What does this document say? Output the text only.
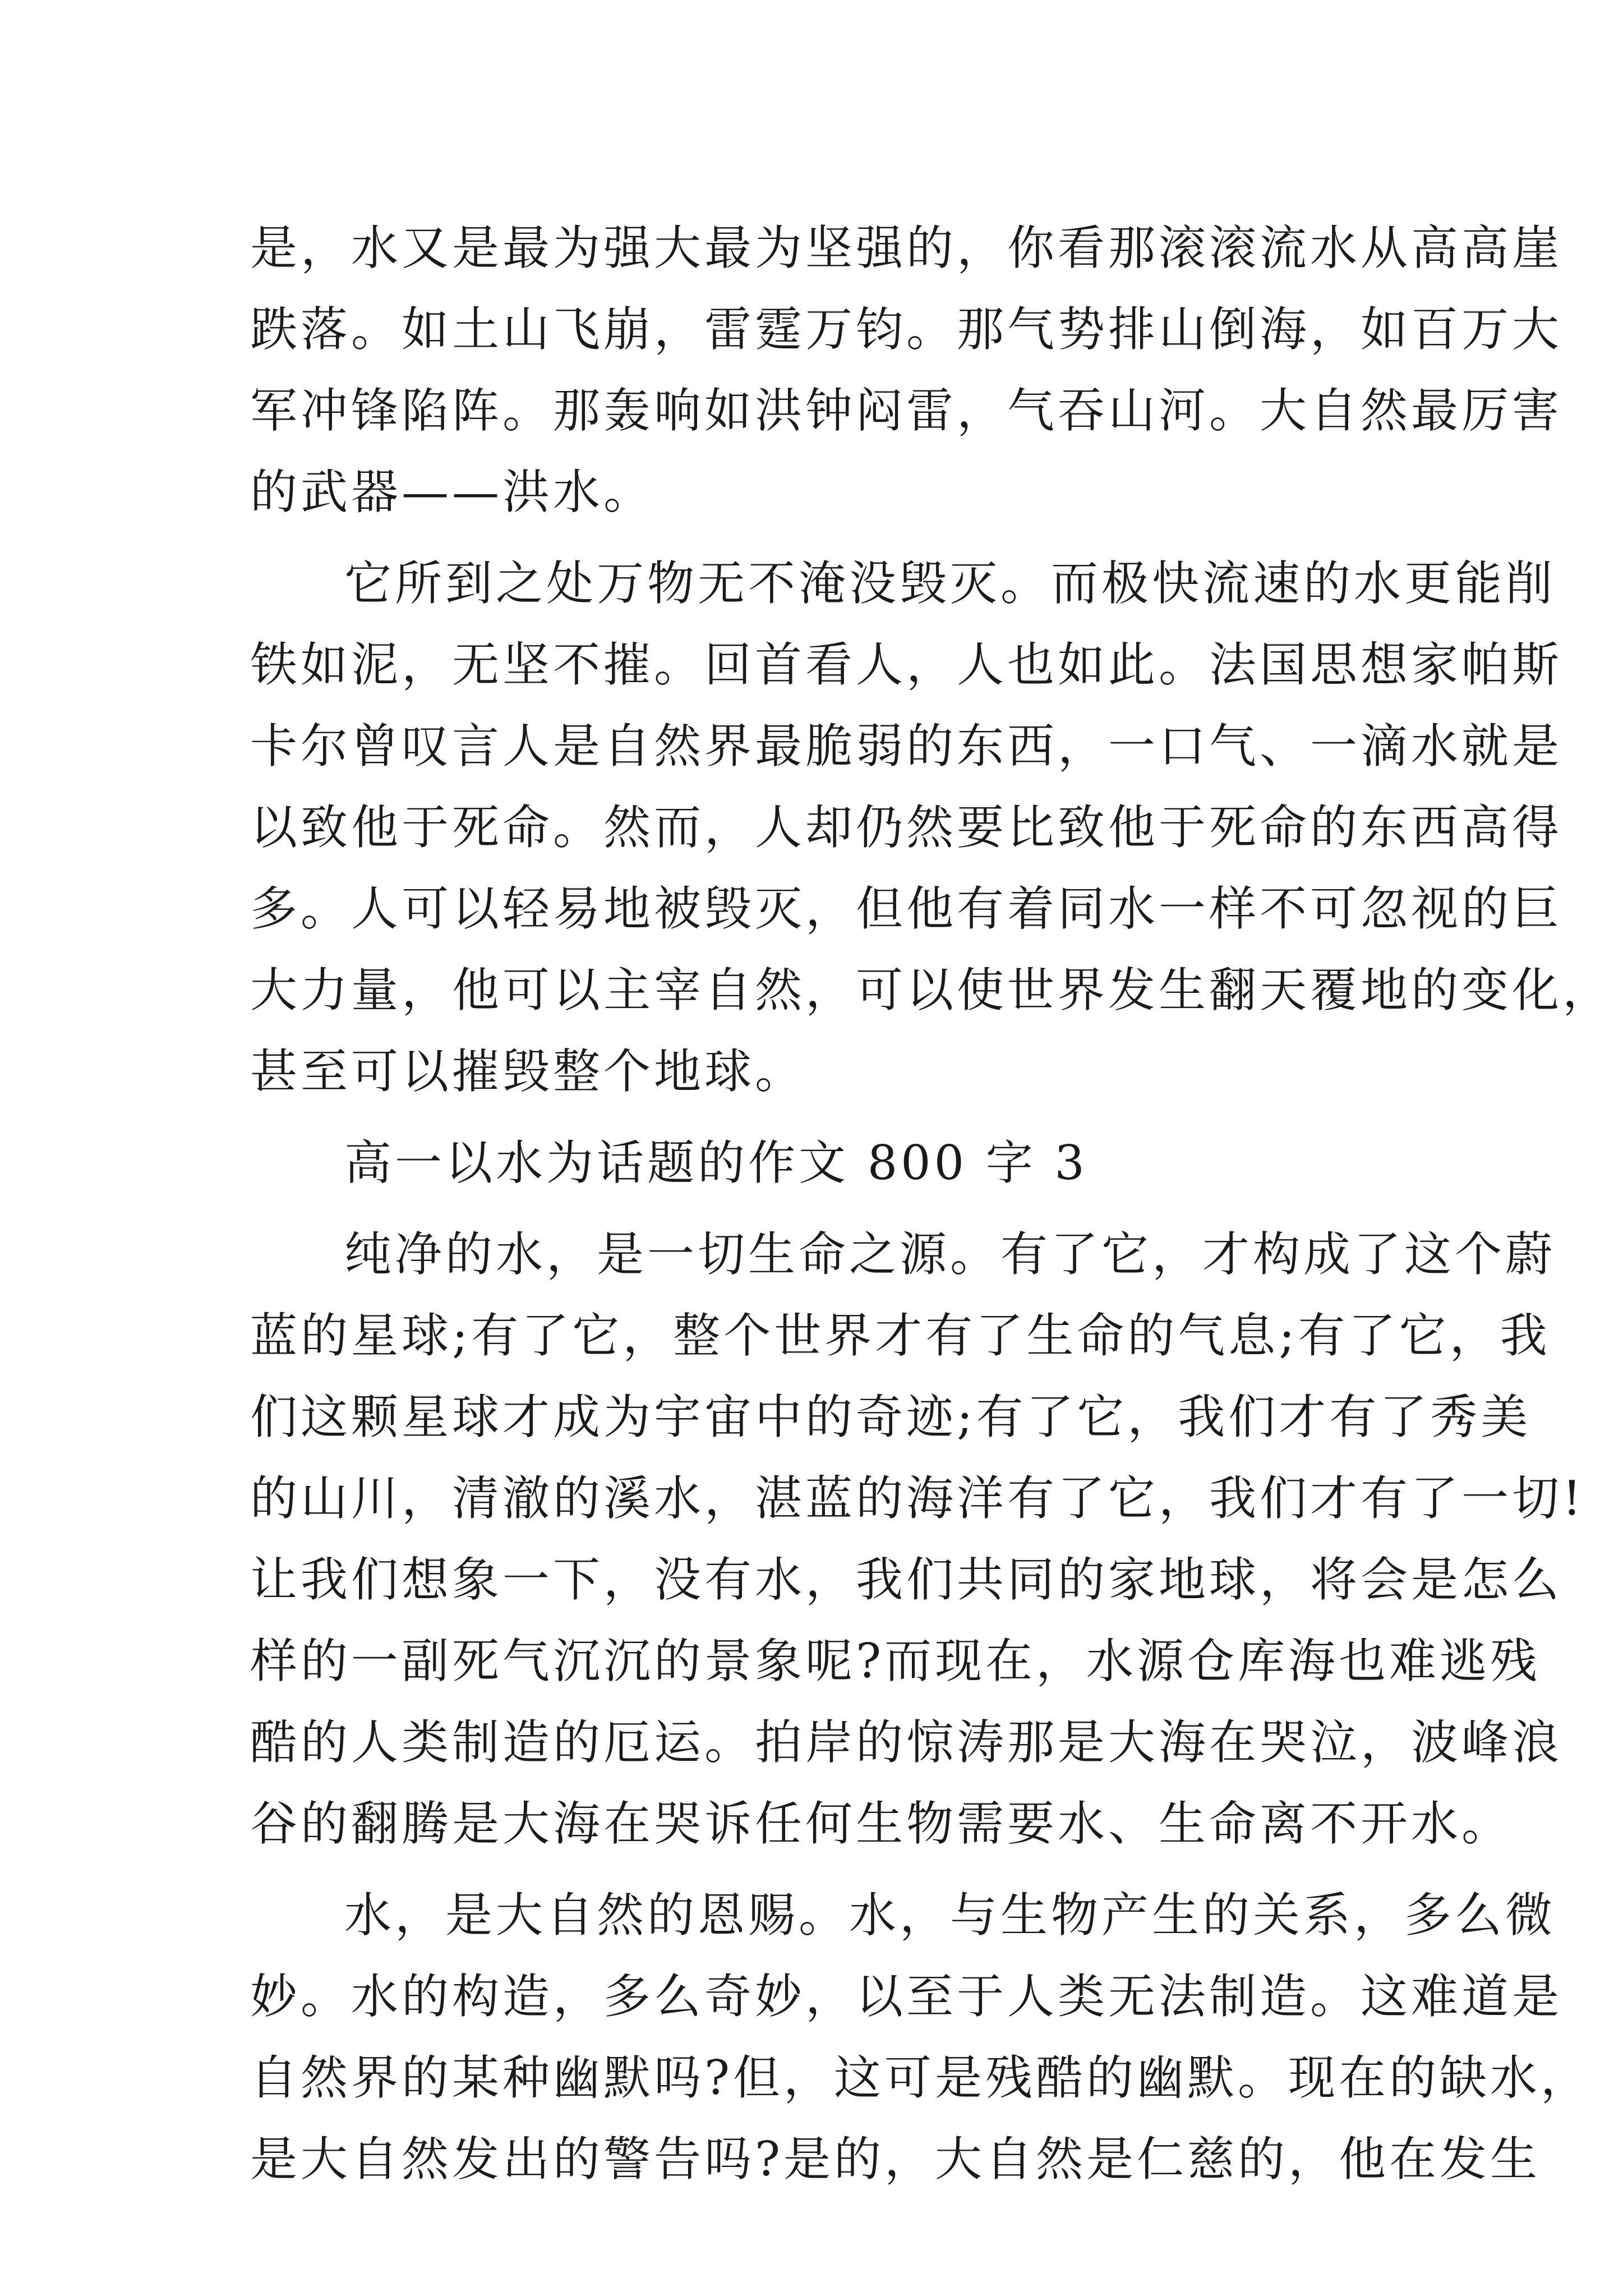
是，水又是最为强大最为坚强的，你看那滚滚流水从高高崖
跌落。如土山飞崩，雷霆万钧。那气势排山倒海，如百万大
军冲锋陷阵。那轰响如洪钟闷雷，气吞山河。大自然最厉害
的武器——洪水。
它所到之处万物无不淹没毁灭。而极快流速的水更能削
铁如泥，无坚不摧。回首看人，人也如此。法国思想家帕斯
卡尔曾叹言人是自然界最脆弱的东西，一口气、一滴水就是
以致他于死命。然而，人却仍然要比致他于死命的东西高得
多。人可以轻易地被毁灭，但他有着同水一样不可忽视的巨
大力量，他可以主宰自然，可以使世界发生翻天覆地的变化，
甚至可以摧毁整个地球。
高一以水为话题的作文 800 字 3
纯净的水，是一切生命之源。有了它，才构成了这个蔚
蓝的星球;有了它，整个世界才有了生命的气息;有了它，我
们这颗星球才成为宇宙中的奇迹;有了它，我们才有了秀美
的山川，清澈的溪水，湛蓝的海洋有了它，我们才有了一切!
让我们想象一下，没有水，我们共同的家地球，将会是怎么
样的一副死气沉沉的景象呢?而现在，水源仓库海也难逃残
酷的人类制造的厄运。拍岸的惊涛那是大海在哭泣，波峰浪
谷的翻腾是大海在哭诉任何生物需要水、生命离不开水。
水，是大自然的恩赐。水，与生物产生的关系，多么微
妙。水的构造，多么奇妙，以至于人类无法制造。这难道是
自然界的某种幽默吗?但，这可是残酷的幽默。现在的缺水，
是大自然发出的警告吗?是的，大自然是仁慈的，他在发生
